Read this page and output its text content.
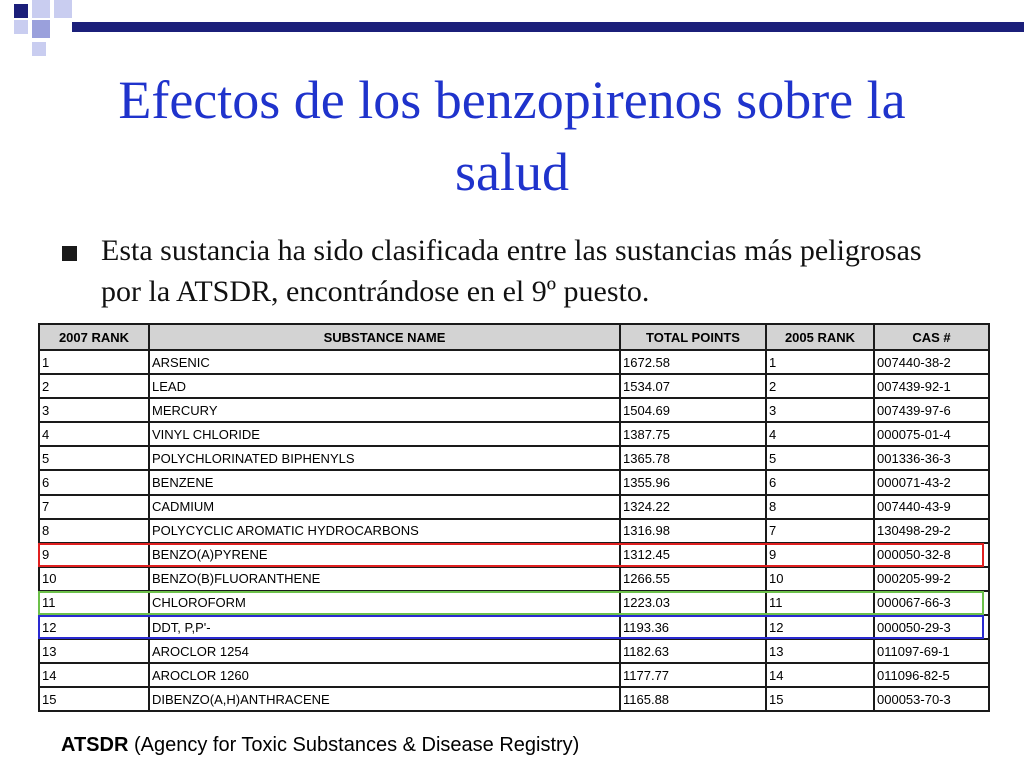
Efectos de los benzopirenos sobre la salud
Esta sustancia ha sido clasificada entre las sustancias más peligrosas por la ATSDR, encontrándose en el 9º puesto.
2007 RANK	SUBSTANCE NAME	TOTAL POINTS	2005 RANK	CAS #
1	ARSENIC	1672.58	1	007440-38-2
2	LEAD	1534.07	2	007439-92-1
3	MERCURY	1504.69	3	007439-97-6
4	VINYL CHLORIDE	1387.75	4	000075-01-4
5	POLYCHLORINATED BIPHENYLS	1365.78	5	001336-36-3
6	BENZENE	1355.96	6	000071-43-2
7	CADMIUM	1324.22	8	007440-43-9
8	POLYCYCLIC AROMATIC HYDROCARBONS	1316.98	7	130498-29-2
9	BENZO(A)PYRENE	1312.45	9	000050-32-8
10	BENZO(B)FLUORANTHENE	1266.55	10	000205-99-2
11	CHLOROFORM	1223.03	11	000067-66-3
12	DDT, P,P'-	1193.36	12	000050-29-3
13	AROCLOR 1254	1182.63	13	011097-69-1
14	AROCLOR 1260	1177.77	14	011096-82-5
15	DIBENZO(A,H)ANTHRACENE	1165.88	15	000053-70-3
ATSDR (Agency for Toxic Substances & Disease Registry)
